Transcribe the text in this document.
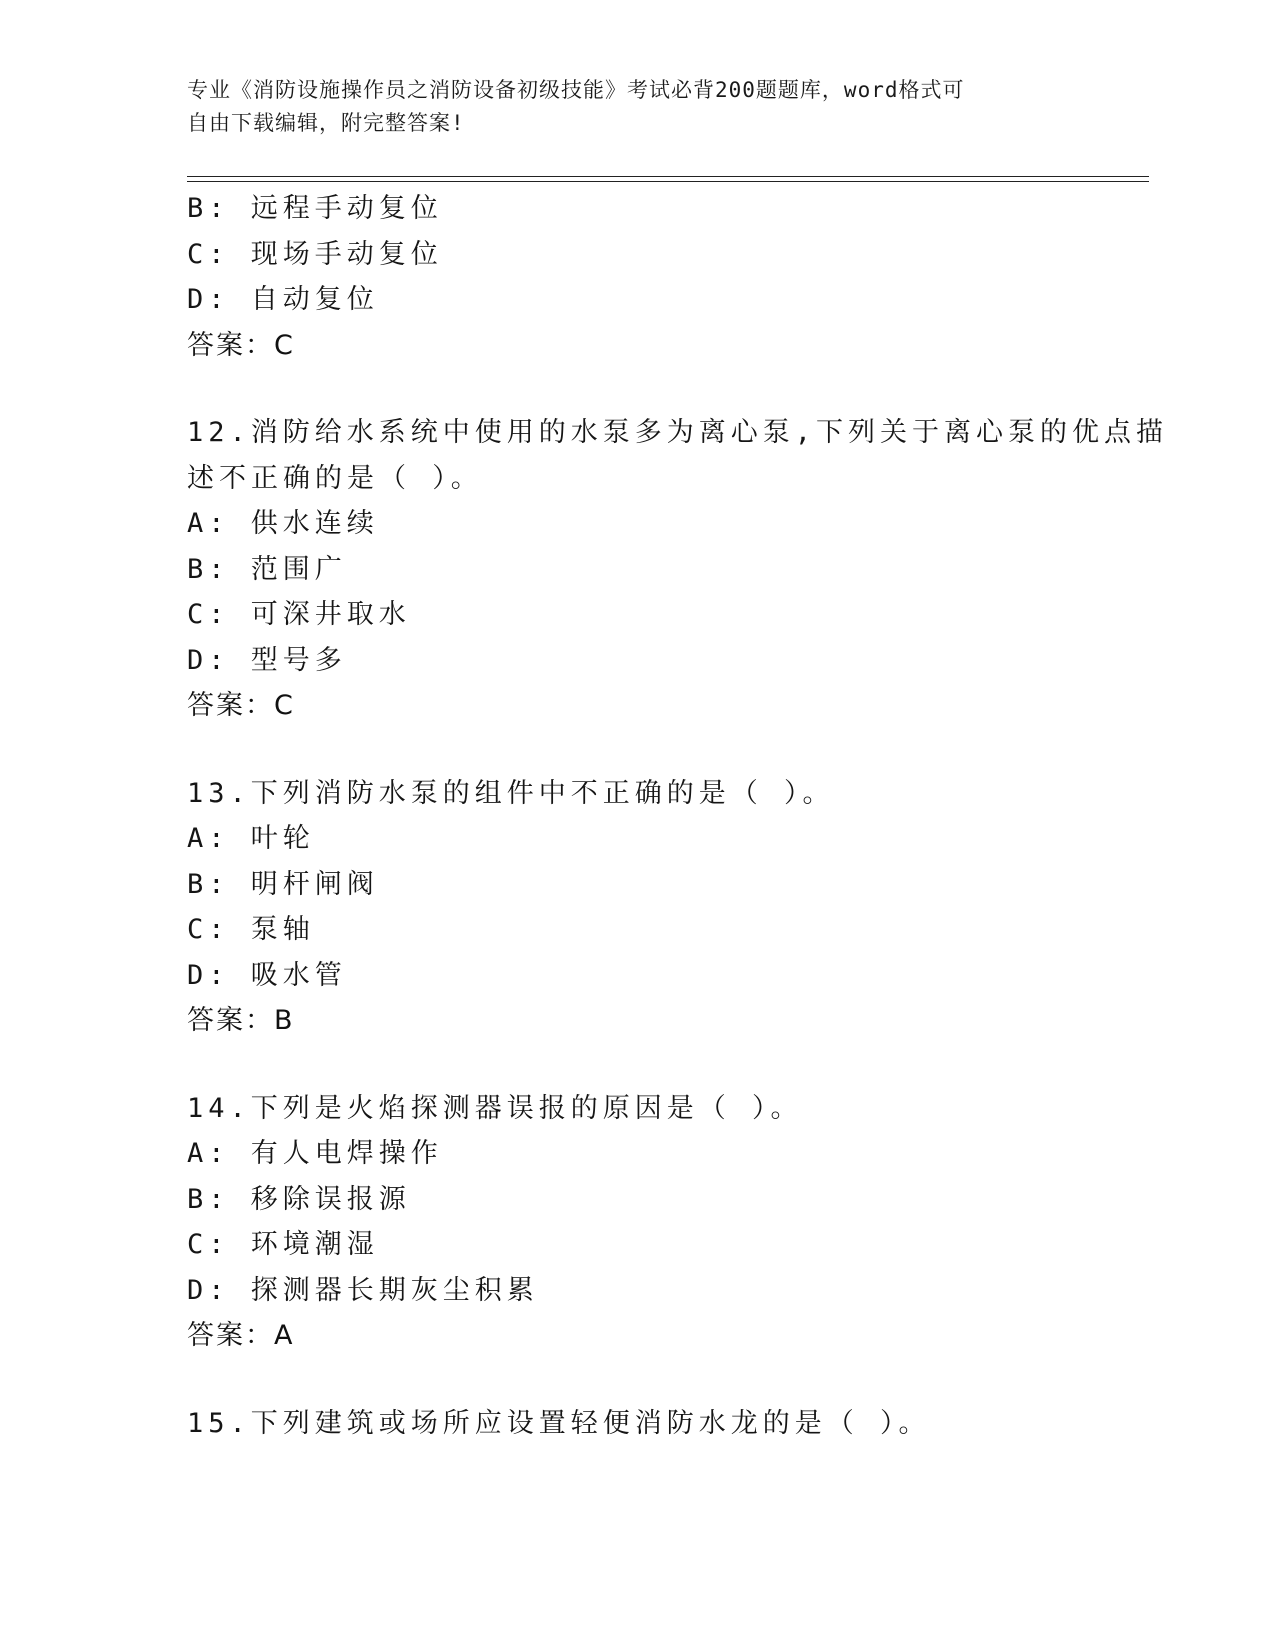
专业《消防设施操作员之消防设备初级技能》考试必背200题题库，word格式可
自由下载编辑，附完整答案!
B: 远程手动复位
C: 现场手动复位
D: 自动复位
答案：C
12.消防给水系统中使用的水泵多为离心泵,下列关于离心泵的优点描
述不正确的是（ ）。
A: 供水连续
B: 范围广
C: 可深井取水
D: 型号多
答案：C
13.下列消防水泵的组件中不正确的是（ ）。
A: 叶轮
B: 明杆闸阀
C: 泵轴
D: 吸水管
答案：B
14.下列是火焰探测器误报的原因是（ ）。
A: 有人电焊操作
B: 移除误报源
C: 环境潮湿
D: 探测器长期灰尘积累
答案：A
15.下列建筑或场所应设置轻便消防水龙的是（ ）。
